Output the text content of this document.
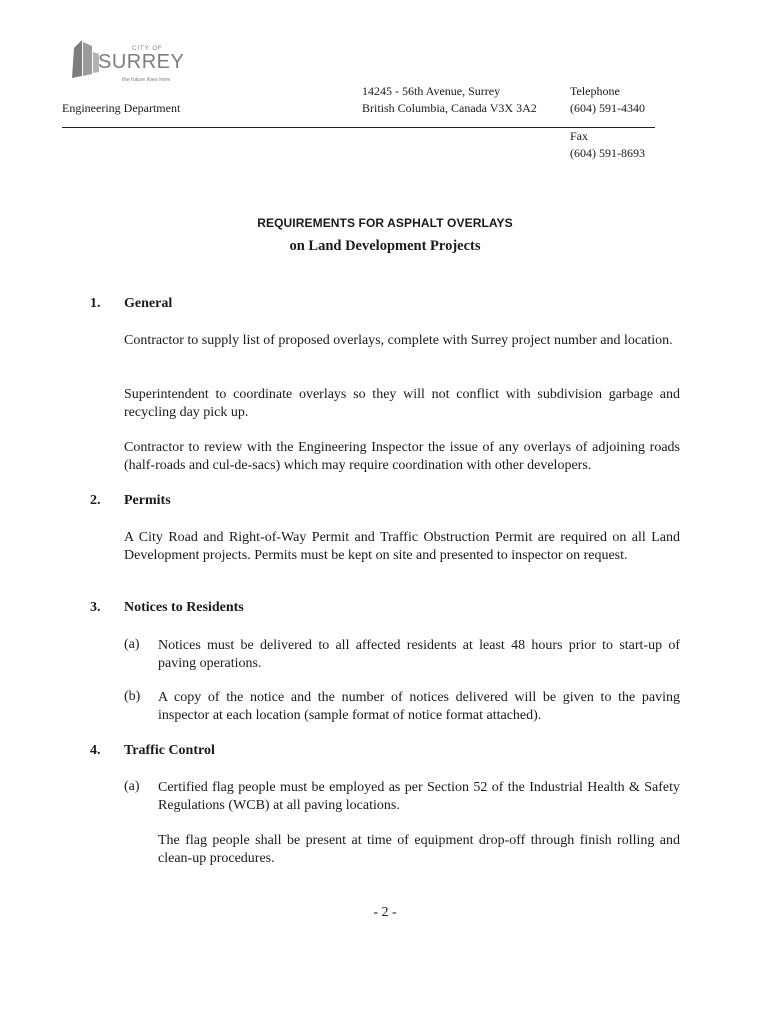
CITY OF
SURREY
the future lives here
Engineering Department
14245 - 56th Avenue, Surrey
British Columbia, Canada V3X 3A2
Telephone
(604) 591-4340
Fax
(604) 591-8693
REQUIREMENTS FOR ASPHALT OVERLAYS
on Land Development Projects
1. General
Contractor to supply list of proposed overlays, complete with Surrey project number and location.
Superintendent to coordinate overlays so they will not conflict with subdivision garbage and recycling day pick up.
Contractor to review with the Engineering Inspector the issue of any overlays of adjoining roads (half-roads and cul-de-sacs) which may require coordination with other developers.
2. Permits
A City Road and Right-of-Way Permit and Traffic Obstruction Permit are required on all Land Development projects. Permits must be kept on site and presented to inspector on request.
3. Notices to Residents
(a) Notices must be delivered to all affected residents at least 48 hours prior to start-up of paving operations.
(b) A copy of the notice and the number of notices delivered will be given to the paving inspector at each location (sample format of notice format attached).
4. Traffic Control
(a) Certified flag people must be employed as per Section 52 of the Industrial Health & Safety Regulations (WCB) at all paving locations.
The flag people shall be present at time of equipment drop-off through finish rolling and clean-up procedures.
- 2 -
